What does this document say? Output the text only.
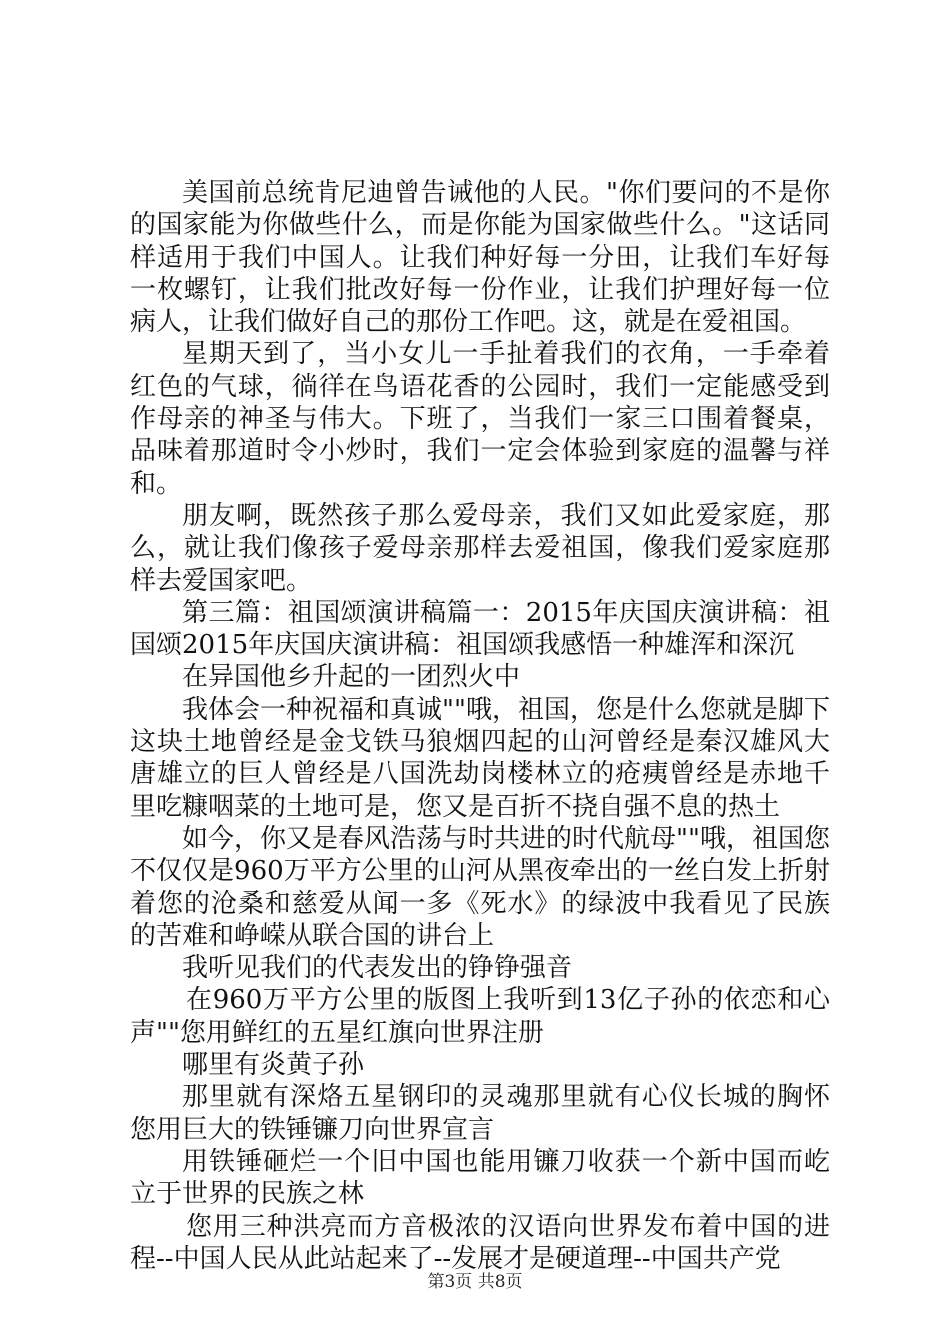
美国前总统肯尼迪曾告诫他的人民。"你们要问的不是你的国家能为你做些什么，而是你能为国家做些什么。"这话同样适用于我们中国人。让我们种好每一分田，让我们车好每一枚螺钉，让我们批改好每一份作业，让我们护理好每一位病人，让我们做好自己的那份工作吧。这，就是在爱祖国。

星期天到了，当小女儿一手扯着我们的衣角，一手牵着红色的气球，徜徉在鸟语花香的公园时，我们一定能感受到作母亲的神圣与伟大。下班了，当我们一家三口围着餐桌，品味着那道时令小炒时，我们一定会体验到家庭的温馨与祥和。

朋友啊，既然孩子那么爱母亲，我们又如此爱家庭，那么，就让我们像孩子爱母亲那样去爱祖国，像我们爱家庭那样去爱国家吧。

第三篇：祖国颂演讲稿篇一：2015年庆国庆演讲稿：祖国颂2015年庆国庆演讲稿：祖国颂我感悟一种雄浑和深沉

在异国他乡升起的一团烈火中

我体会一种祝福和真诚""哦，祖国，您是什么您就是脚下这块土地曾经是金戈铁马狼烟四起的山河曾经是秦汉雄风大唐雄立的巨人曾经是八国洗劫岗楼林立的疮痍曾经是赤地千里吃糠咽菜的土地可是，您又是百折不挠自强不息的热土

如今，你又是春风浩荡与时共进的时代航母""哦，祖国您不仅仅是960万平方公里的山河从黑夜牵出的一丝白发上折射着您的沧桑和慈爱从闻一多《死水》的绿波中我看见了民族的苦难和峥嵘从联合国的讲台上

我听见我们的代表发出的铮铮强音

在960万平方公里的版图上我听到13亿子孙的依恋和心声""您用鲜红的五星红旗向世界注册

哪里有炎黄子孙

那里就有深烙五星钢印的灵魂那里就有心仪长城的胸怀您用巨大的铁锤镰刀向世界宣言

用铁锤砸烂一个旧中国也能用镰刀收获一个新中国而屹立于世界的民族之林

您用三种洪亮而方音极浓的汉语向世界发布着中国的进程--中国人民从此站起来了--发展才是硬道理--中国共产党

第3页 共8页
